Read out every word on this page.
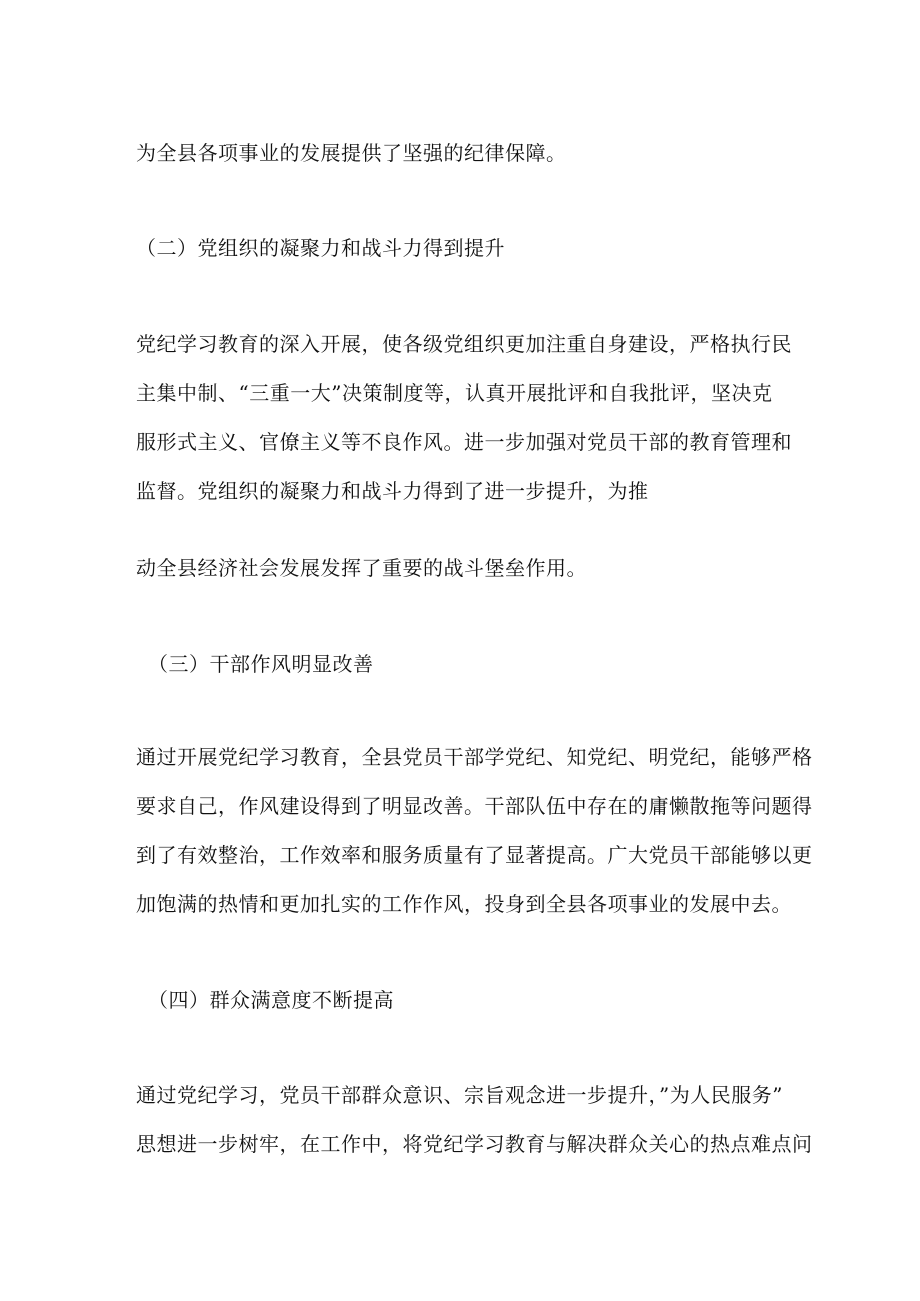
为全县各项事业的发展提供了坚强的纪律保障。
（二）党组织的凝聚力和战斗力得到提升
党纪学习教育的深入开展，使各级党组织更加注重自身建设，严格执行民
主集中制、“三重一大”决策制度等，认真开展批评和自我批评，坚决克
服形式主义、官僚主义等不良作风。进一步加强对党员干部的教育管理和
监督。党组织的凝聚力和战斗力得到了进一步提升，为推
动全县经济社会发展发挥了重要的战斗堡垒作用。
（三）干部作风明显改善
通过开展党纪学习教育，全县党员干部学党纪、知党纪、明党纪，能够严格
要求自己，作风建设得到了明显改善。干部队伍中存在的庸懒散拖等问题得
到了有效整治，工作效率和服务质量有了显著提高。广大党员干部能够以更
加饱满的热情和更加扎实的工作作风，投身到全县各项事业的发展中去。
（四）群众满意度不断提高
通过党纪学习，党员干部群众意识、宗旨观念进一步提升，”为人民服务”
思想进一步树牢，在工作中，将党纪学习教育与解决群众关心的热点难点问
